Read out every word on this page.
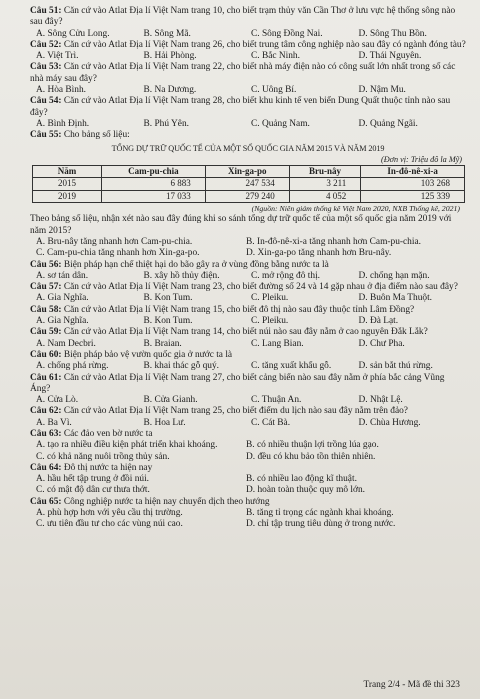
Câu 51: Căn cứ vào Atlat Địa lí Việt Nam trang 10, cho biết trạm thủy văn Cần Thơ ở lưu vực hệ thống sông nào sau đây?

A. Sông Cửu Long.	B. Sông Mã.	C. Sông Đồng Nai.	D. Sông Thu Bồn.

Câu 52: Căn cứ vào Atlat Địa lí Việt Nam trang 26, cho biết trung tâm công nghiệp nào sau đây có ngành đóng tàu?

A. Việt Trì.	B. Hải Phòng.	C. Bắc Ninh.	D. Thái Nguyên.

Câu 53: Căn cứ vào Atlat Địa lí Việt Nam trang 22, cho biết nhà máy điện nào có công suất lớn nhất trong số các nhà máy sau đây?

A. Hòa Bình.	B. Na Dương.	C. Uông Bí.	D. Nậm Mu.

Câu 54: Căn cứ vào Atlat Địa lí Việt Nam trang 28, cho biết khu kinh tế ven biển Dung Quất thuộc tỉnh nào sau đây?

A. Bình Định.	B. Phú Yên.	C. Quảng Nam.	D. Quảng Ngãi.

Câu 55: Cho bảng số liệu:

TỔNG DỰ TRỮ QUỐC TẾ CỦA MỘT SỐ QUỐC GIA NĂM 2015 VÀ NĂM 2019
(Đơn vị: Triệu đô la Mỹ)
Năm	Cam-pu-chia	Xin-ga-po	Bru-nây	In-đô-nê-xi-a
2015	6 883	247 534	3 211	103 268
2019	17 033	279 240	4 052	125 339
(Nguồn: Niên giám thống kê Việt Nam 2020, NXB Thống kê, 2021)

Theo bảng số liệu, nhận xét nào sau đây đúng khi so sánh tổng dự trữ quốc tế của một số quốc gia năm 2019 với năm 2015?

A. Bru-nây tăng nhanh hơn Cam-pu-chia.	B. In-đô-nê-xi-a tăng nhanh hơn Cam-pu-chia.
C. Cam-pu-chia tăng nhanh hơn Xin-ga-po.	D. Xin-ga-po tăng nhanh hơn Bru-nây.

Câu 56: Biện pháp hạn chế thiệt hại do bão gây ra ở vùng đồng bằng nước ta là

A. sơ tán dân.	B. xây hồ thủy điện.	C. mở rộng đô thị.	D. chống hạn mặn.

Câu 57: Căn cứ vào Atlat Địa lí Việt Nam trang 23, cho biết đường số 24 và 14 gặp nhau ở địa điểm nào sau đây?

A. Gia Nghĩa.	B. Kon Tum.	C. Pleiku.	D. Buôn Ma Thuột.

Câu 58: Căn cứ vào Atlat Địa lí Việt Nam trang 15, cho biết đô thị nào sau đây thuộc tỉnh Lâm Đồng?

A. Gia Nghĩa.	B. Kon Tum.	C. Pleiku.	D. Đà Lạt.

Câu 59: Căn cứ vào Atlat Địa lí Việt Nam trang 14, cho biết núi nào sau đây nằm ở cao nguyên Đắk Lắk?

A. Nam Decbri.	B. Braian.	C. Lang Bian.	D. Chư Pha.

Câu 60: Biện pháp bảo vệ vườn quốc gia ở nước ta là

A. chống phá rừng.	B. khai thác gỗ quý.	C. tăng xuất khẩu gỗ.	D. sản bắt thú rừng.

Câu 61: Căn cứ vào Atlat Địa lí Việt Nam trang 27, cho biết cảng biển nào sau đây nằm ở phía bắc cảng Vũng Áng?

A. Cửa Lò.	B. Cửa Gianh.	C. Thuận An.	D. Nhật Lệ.

Câu 62: Căn cứ vào Atlat Địa lí Việt Nam trang 25, cho biết điểm du lịch nào sau đây nằm trên đảo?

A. Ba Vì.	B. Hoa Lư.	C. Cát Bà.	D. Chùa Hương.

Câu 63: Các đảo ven bờ nước ta

A. tạo ra nhiều điều kiện phát triển khai khoáng.	B. có nhiều thuận lợi trồng lúa gạo.
C. có khả năng nuôi trồng thủy sản.	D. đều có khu bảo tồn thiên nhiên.

Câu 64: Đô thị nước ta hiện nay

A. hầu hết tập trung ở đồi núi.	B. có nhiều lao động kĩ thuật.
C. có mật độ dân cư thưa thớt.	D. hoàn toàn thuộc quy mô lớn.

Câu 65: Công nghiệp nước ta hiện nay chuyển dịch theo hướng

A. phù hợp hơn với yêu cầu thị trường.	B. tăng tỉ trọng các ngành khai khoáng.
C. ưu tiên đầu tư cho các vùng núi cao.	D. chỉ tập trung tiêu dùng ở trong nước.
Trang 2/4 - Mã đề thi 323
